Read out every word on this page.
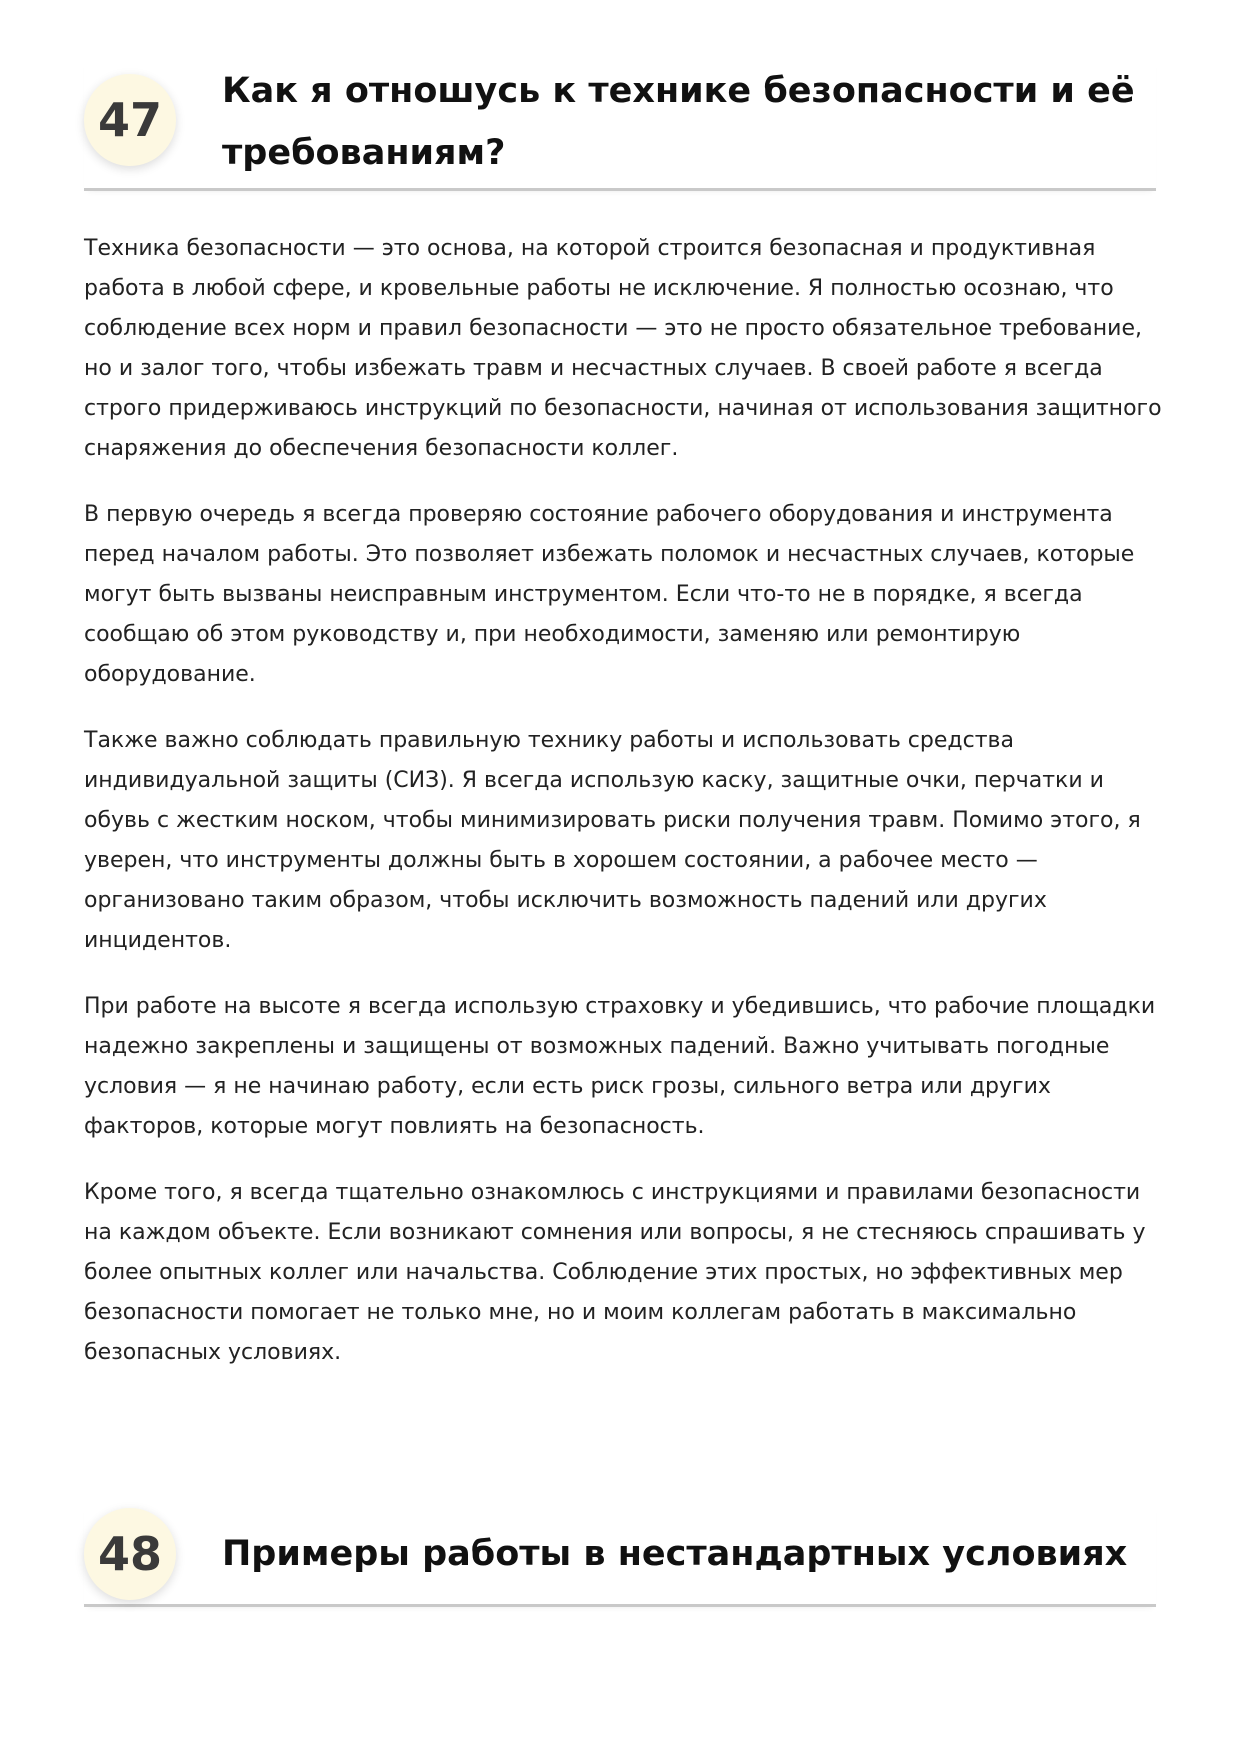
47
Как я отношусь к технике безопасности и её требованиям?

Техника безопасности — это основа, на которой строится безопасная и продуктивная работа в любой сфере, и кровельные работы не исключение. Я полностью осознаю, что соблюдение всех норм и правил безопасности — это не просто обязательное требование, но и залог того, чтобы избежать травм и несчастных случаев. В своей работе я всегда строго придерживаюсь инструкций по безопасности, начиная от использования защитного снаряжения до обеспечения безопасности коллег.

В первую очередь я всегда проверяю состояние рабочего оборудования и инструмента перед началом работы. Это позволяет избежать поломок и несчастных случаев, которые могут быть вызваны неисправным инструментом. Если что-то не в порядке, я всегда сообщаю об этом руководству и, при необходимости, заменяю или ремонтирую оборудование.

Также важно соблюдать правильную технику работы и использовать средства индивидуальной защиты (СИЗ). Я всегда использую каску, защитные очки, перчатки и обувь с жестким носком, чтобы минимизировать риски получения травм. Помимо этого, я уверен, что инструменты должны быть в хорошем состоянии, а рабочее место — организовано таким образом, чтобы исключить возможность падений или других инцидентов.

При работе на высоте я всегда использую страховку и убедившись, что рабочие площадки надежно закреплены и защищены от возможных падений. Важно учитывать погодные условия — я не начинаю работу, если есть риск грозы, сильного ветра или других факторов, которые могут повлиять на безопасность.

Кроме того, я всегда тщательно ознакомлюсь с инструкциями и правилами безопасности на каждом объекте. Если возникают сомнения или вопросы, я не стесняюсь спрашивать у более опытных коллег или начальства. Соблюдение этих простых, но эффективных мер безопасности помогает не только мне, но и моим коллегам работать в максимально безопасных условиях.

48	Примеры работы в нестандартных условиях
